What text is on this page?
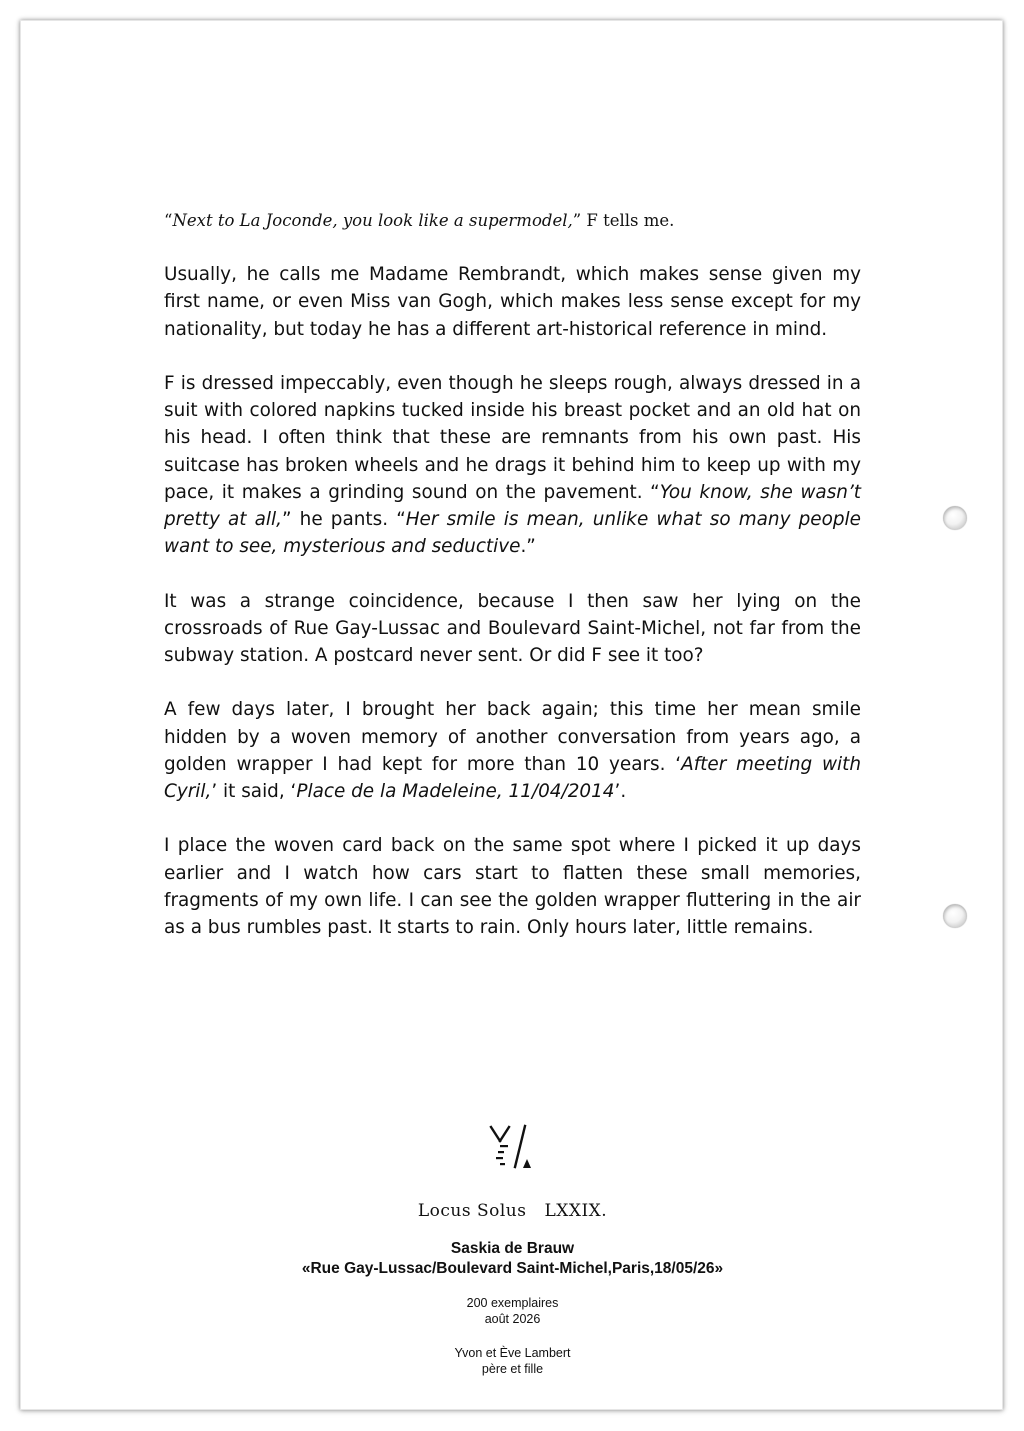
“Next to La Joconde, you look like a supermodel,” F tells me.

Usually, he calls me Madame Rembrandt, which makes sense given my first name, or even Miss van Gogh, which makes less sense except for my nationality, but today he has a different art-historical reference in mind.

F is dressed impeccably, even though he sleeps rough, always dressed in a suit with colored napkins tucked inside his breast pocket and an old hat on his head. I often think that these are remnants from his own past. His suitcase has broken wheels and he drags it behind him to keep up with my pace, it makes a grinding sound on the pavement. “You know, she wasn’t pretty at all,” he pants. “Her smile is mean, unlike what so many people want to see, mysterious and seductive.”

It was a strange coincidence, because I then saw her lying on the crossroads of Rue Gay-Lussac and Boulevard Saint-Michel, not far from the subway station. A postcard never sent. Or did F see it too?

A few days later, I brought her back again; this time her mean smile hidden by a woven memory of another conversation from years ago, a golden wrapper I had kept for more than 10 years. ‘After meeting with Cyril,’ it said, ‘Place de la Madeleine, 11/04/2014’.

I place the woven card back on the same spot where I picked it up days earlier and I watch how cars start to flatten these small memories, fragments of my own life. I can see the golden wrapper fluttering in the air as a bus rumbles past. It starts to rain. Only hours later, little remains.

Locus Solus LXXIX.
Saskia de Brauw
«Rue Gay-Lussac/Boulevard Saint-Michel,Paris,18/05/26»
200 exemplaires
août 2026
Yvon et Ève Lambert
père et fille
